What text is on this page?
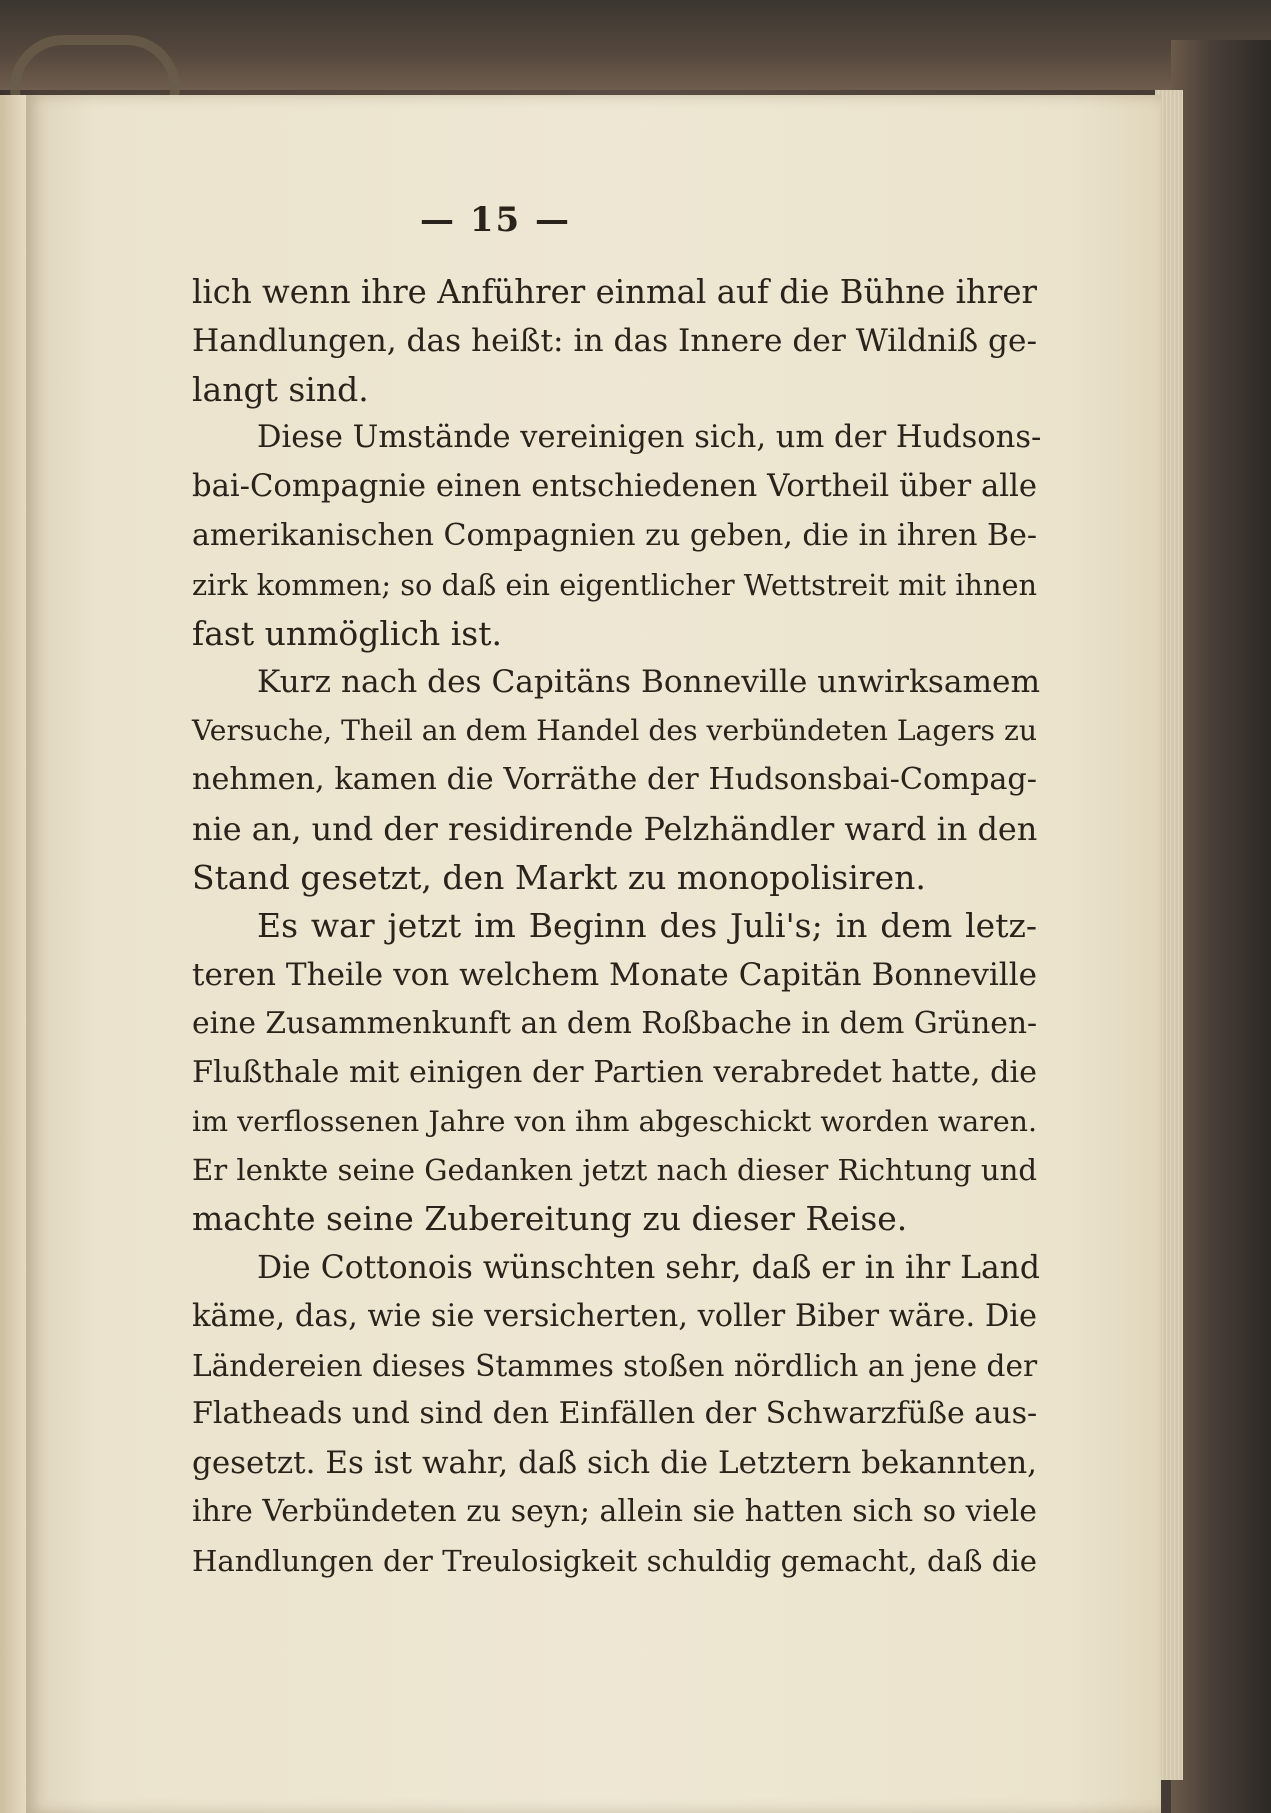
— 15 —
lich wenn ihre Anführer einmal auf die Bühne ihrer
Handlungen, das heißt: in das Innere der Wildniß ge-
langt sind.
Diese Umstände vereinigen sich, um der Hudsons-
bai-Compagnie einen entschiedenen Vortheil über alle
amerikanischen Compagnien zu geben, die in ihren Be-
zirk kommen; so daß ein eigentlicher Wettstreit mit ihnen
fast unmöglich ist.
Kurz nach des Capitäns Bonneville unwirksamem
Versuche, Theil an dem Handel des verbündeten Lagers zu
nehmen, kamen die Vorräthe der Hudsonsbai-Compag-
nie an, und der residirende Pelzhändler ward in den
Stand gesetzt, den Markt zu monopolisiren.
Es war jetzt im Beginn des Juli's; in dem letz-
teren Theile von welchem Monate Capitän Bonneville
eine Zusammenkunft an dem Roßbache in dem Grünen-
Flußthale mit einigen der Partien verabredet hatte, die
im verflossenen Jahre von ihm abgeschickt worden waren.
Er lenkte seine Gedanken jetzt nach dieser Richtung und
machte seine Zubereitung zu dieser Reise.
Die Cottonois wünschten sehr, daß er in ihr Land
käme, das, wie sie versicherten, voller Biber wäre. Die
Ländereien dieses Stammes stoßen nördlich an jene der
Flatheads und sind den Einfällen der Schwarzfüße aus-
gesetzt. Es ist wahr, daß sich die Letztern bekannten,
ihre Verbündeten zu seyn; allein sie hatten sich so viele
Handlungen der Treulosigkeit schuldig gemacht, daß die
